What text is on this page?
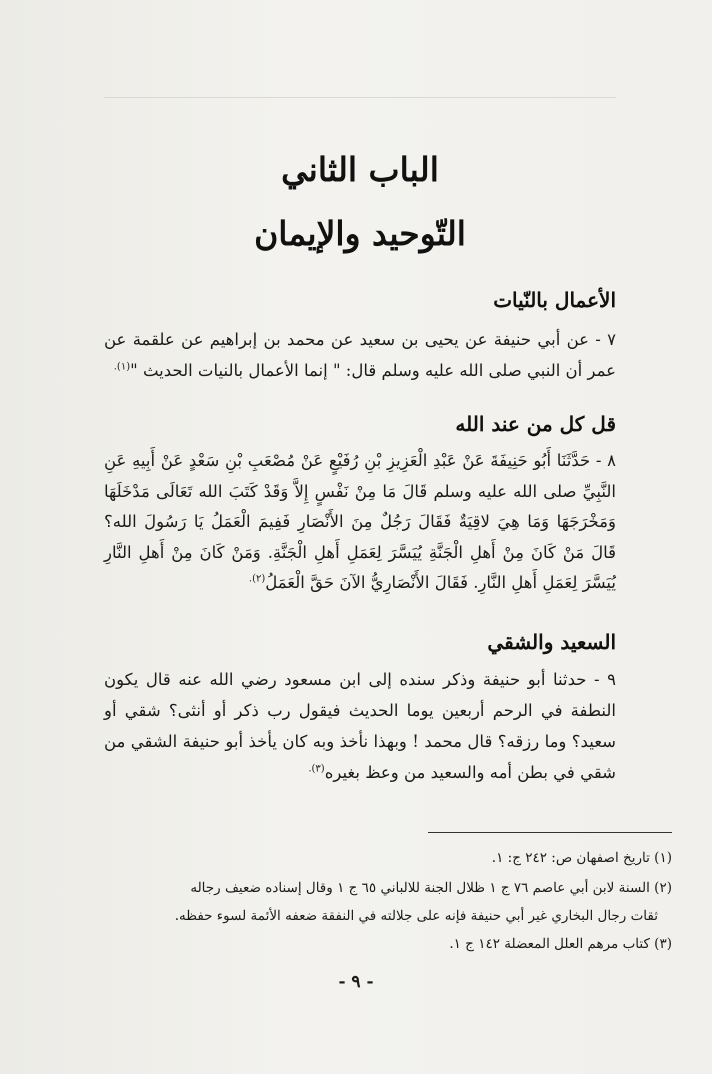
الباب الثاني
التّوحيد والإيمان
الأعمال بالنّيات
٧ - عن أبي حنيفة عن يحيى بن سعيد عن محمد بن إبراهيم عن علقمة عن عمر أن النبي صلى الله عليه وسلم قال: " إنما الأعمال بالنيات الحديث "$^{(١).}$
قل كل من عند الله
٨ - حَدَّثَنَا أَبُو حَنِيفَةَ عَنْ عَبْدِ الْعَزِيزِ بْنِ رُفَيْعٍ عَنْ مُصْعَبِ بْنِ سَعْدٍ عَنْ أَبِيهِ عَنِ النَّبِيِّ صلى الله عليه وسلم قَالَ مَا مِنْ نَفْسٍ إِلاَّ وَقَدْ كَتَبَ الله تَعَالَى مَدْخَلَهَا وَمَخْرَجَهَا وَمَا هِيَ لاقِيَةٌ فَقَالَ رَجُلٌ مِنَ الأَنْصَارِ فَفِيمَ الْعَمَلُ يَا رَسُولَ الله؟ قَالَ مَنْ كَانَ مِنْ أَهلِ الْجَنَّةِ يُيَسَّرَ لِعَمَلِ أَهلِ الْجَنَّةِ. وَمَنْ كَانَ مِنْ أَهلِ النَّارِ يُيَسَّرَ لِعَمَلِ أَهلِ النَّارِ. فَقَالَ الأَنْصَارِيُّ الآنَ حَقَّ الْعَمَلُ$^{(٢).}$
السعيد والشقي
٩ - حدثنا أبو حنيفة وذكر سنده إلى ابن مسعود رضي الله عنه قال يكون النطفة في الرحم أربعين يوما الحديث فيقول رب ذكر أو أنثى؟ شقي أو سعيد؟ وما رزقه؟ قال محمد ! وبهذا نأخذ وبه كان يأخذ أبو حنيفة الشقي من شقي في بطن أمه والسعيد من وعظ بغيره$^{(٣).}$
(١) تاريخ اصفهان ص: ٢٤٢ ج: ١.
(٢) السنة لابن أبي عاصم ٧٦ ج ١ ظلال الجنة للالباني ٦٥ ج ١ وقال إسناده ضعيف رجاله
ثقات رجال البخاري غير أبي حنيفة فإنه على جلالته في النفقة ضعفه الأئمة لسوء حفظه.
(٣) كتاب مرهم العلل المعضلة ١٤٢ ج ١.
- ٩ -
